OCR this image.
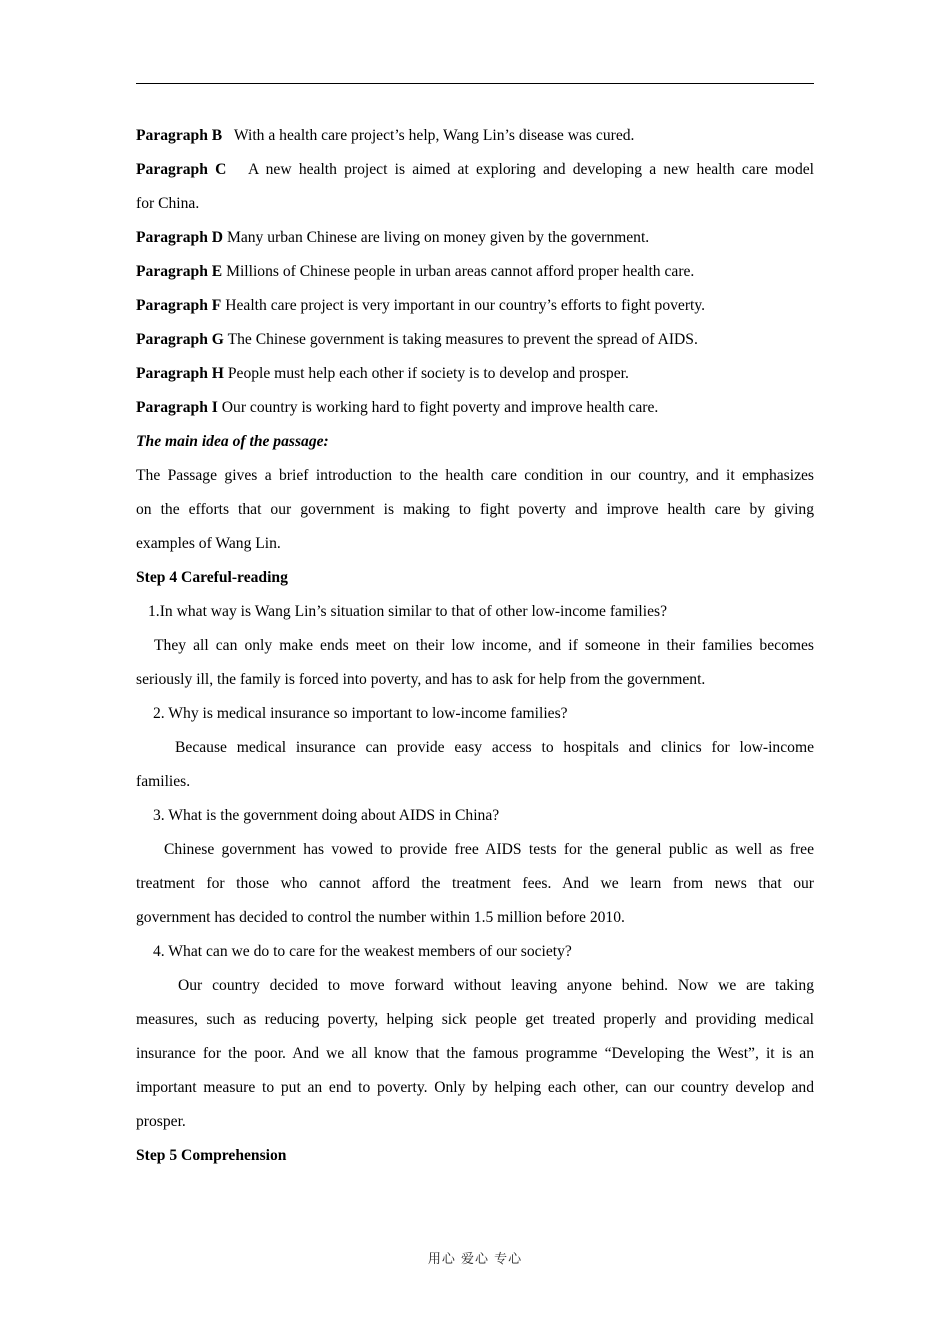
Paragraph B With a health care project’s help, Wang Lin’s disease was cured.

Paragraph C A new health project is aimed at exploring and developing a new health care model

for China.

Paragraph D Many urban Chinese are living on money given by the government.

Paragraph E Millions of Chinese people in urban areas cannot afford proper health care.

Paragraph F Health care project is very important in our country’s efforts to fight poverty.

Paragraph G The Chinese government is taking measures to prevent the spread of AIDS.

Paragraph H People must help each other if society is to develop and prosper.

Paragraph I Our country is working hard to fight poverty and improve health care.

The main idea of the passage:

The Passage gives a brief introduction to the health care condition in our country, and it emphasizes

on the efforts that our government is making to fight poverty and improve health care by giving

examples of Wang Lin.

Step 4 Careful-reading

1.In what way is Wang Lin’s situation similar to that of other low-income families?

They all can only make ends meet on their low income, and if someone in their families becomes

seriously ill, the family is forced into poverty, and has to ask for help from the government.

2. Why is medical insurance so important to low-income families?

Because medical insurance can provide easy access to hospitals and clinics for low-income

families.

3. What is the government doing about AIDS in China?

Chinese government has vowed to provide free AIDS tests for the general public as well as free

treatment for those who cannot afford the treatment fees. And we learn from news that our

government has decided to control the number within 1.5 million before 2010.

4. What can we do to care for the weakest members of our society?

Our country decided to move forward without leaving anyone behind. Now we are taking

measures, such as reducing poverty, helping sick people get treated properly and providing medical

insurance for the poor. And we all know that the famous programme “Developing the West”, it is an

important measure to put an end to poverty. Only by helping each other, can our country develop and

prosper.

Step 5 Comprehension

用心 爱心 专心
